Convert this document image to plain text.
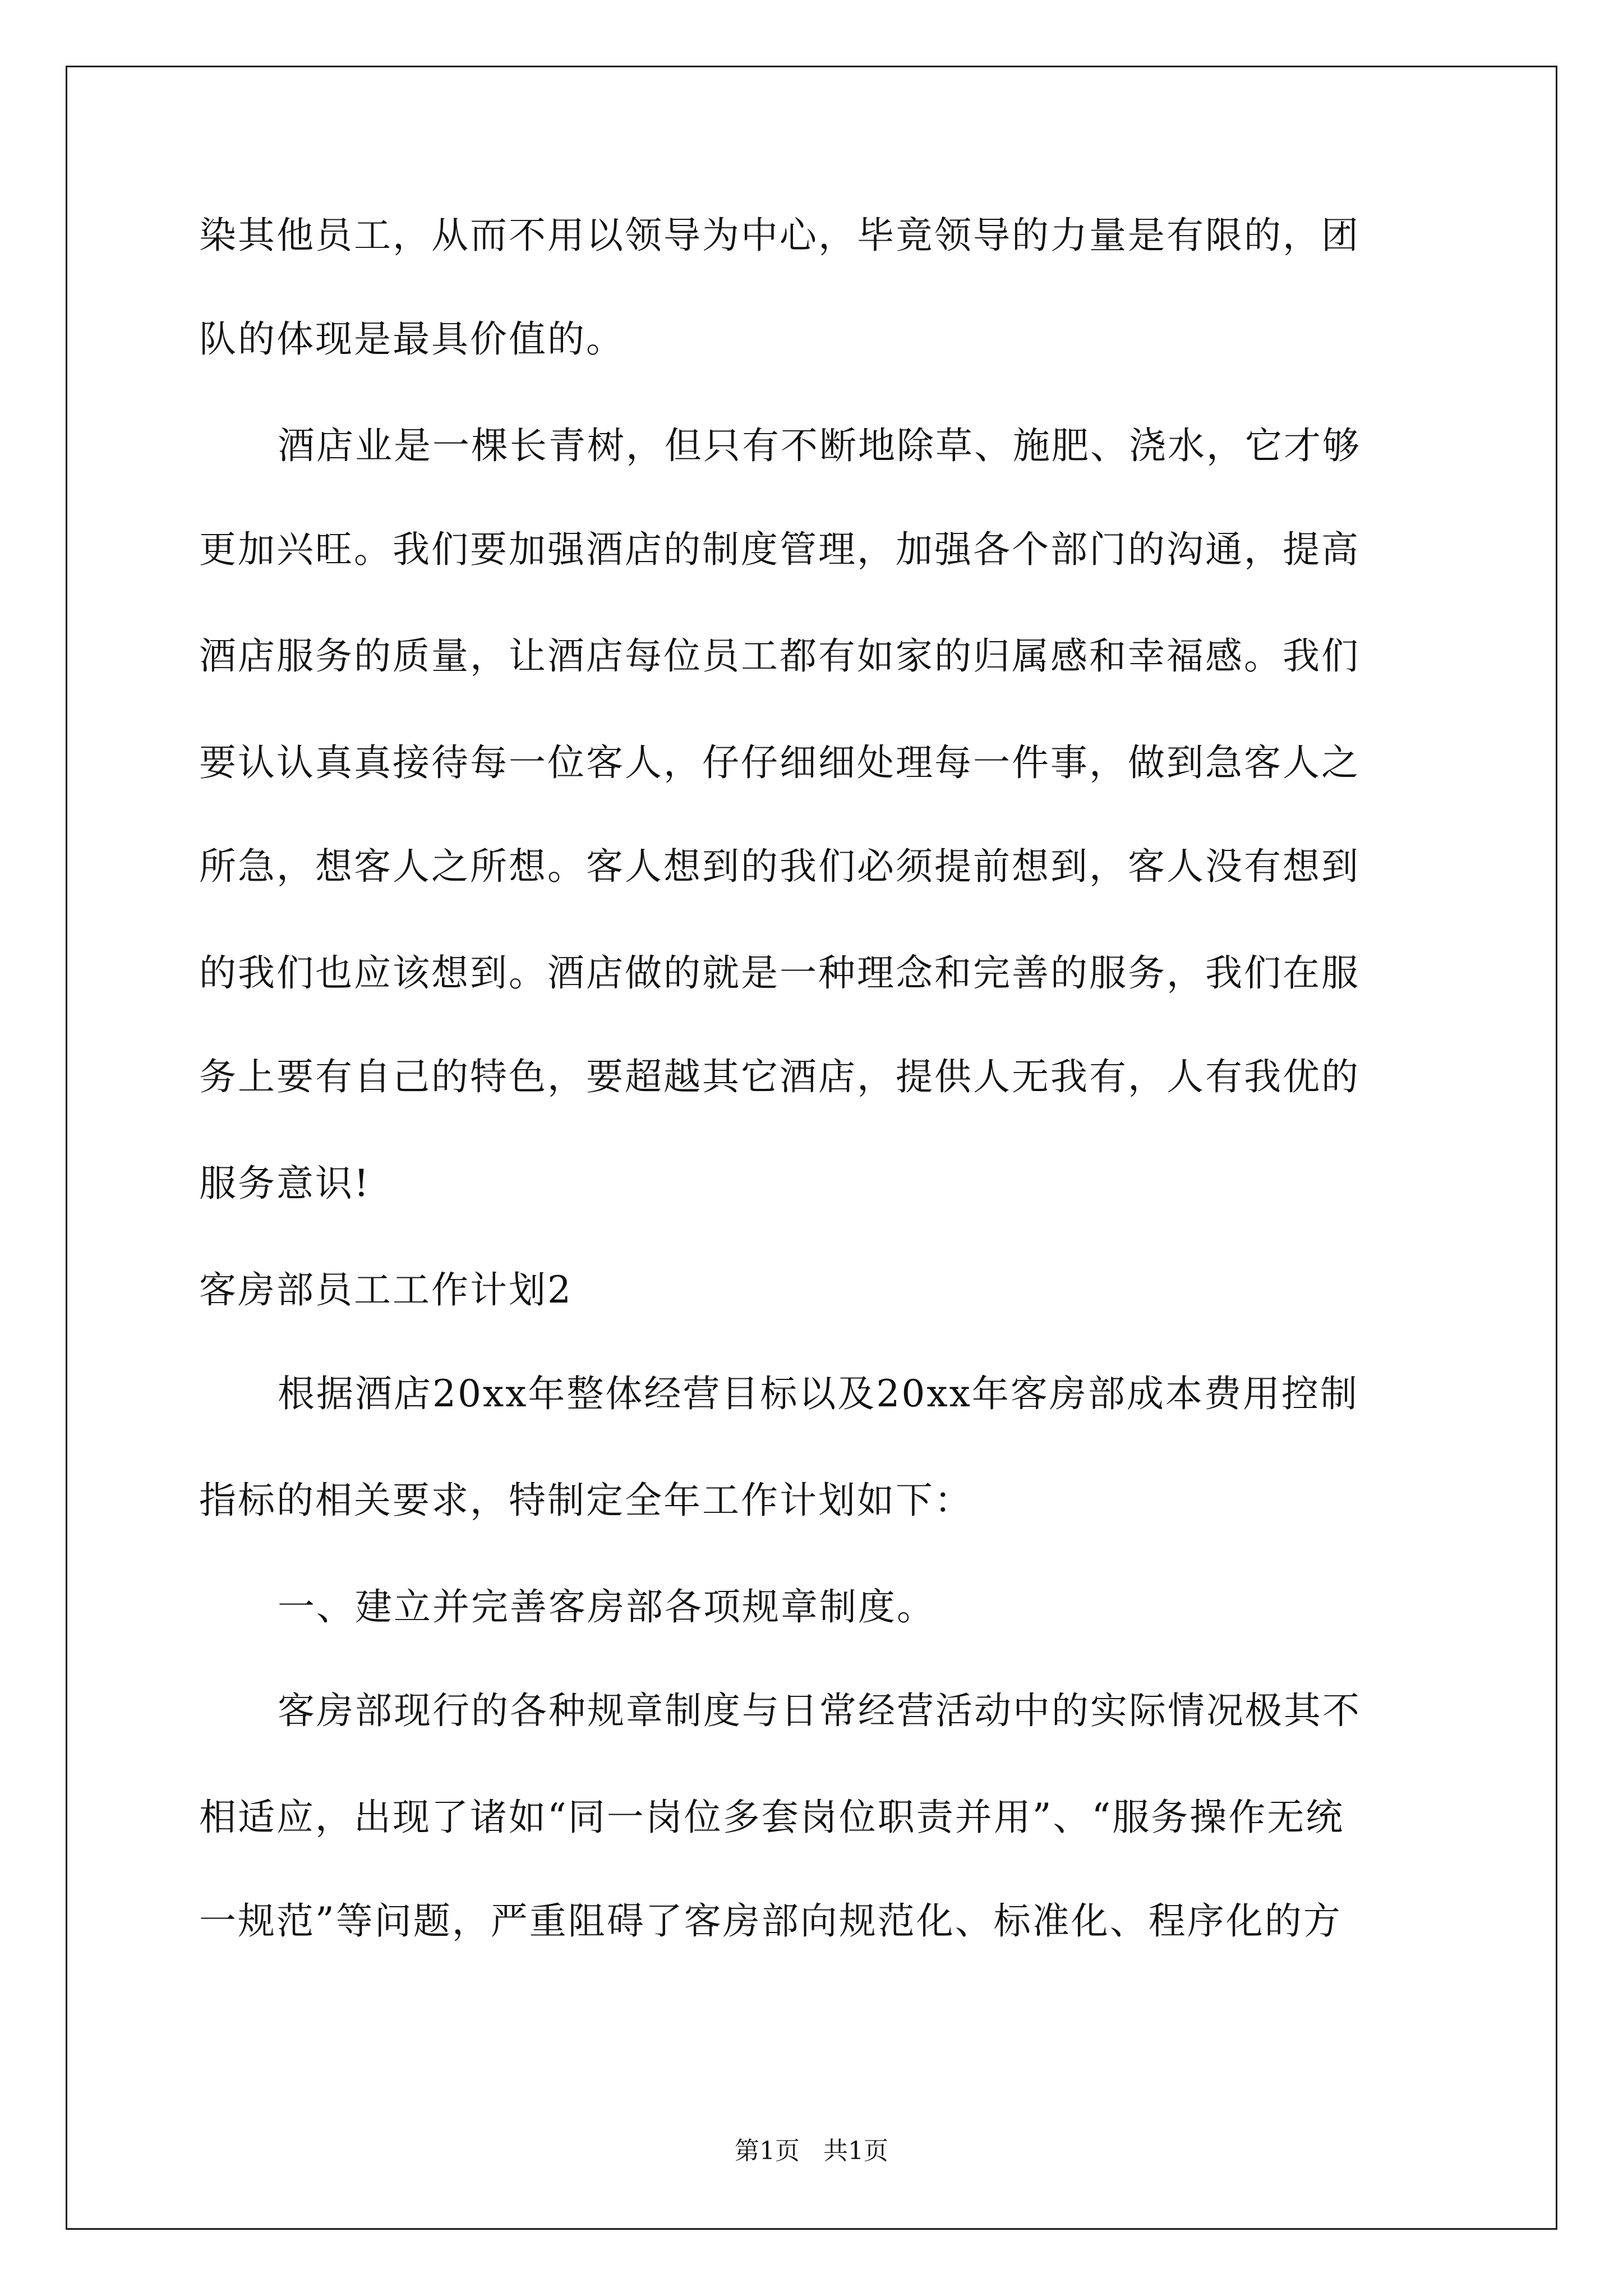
染其他员工，从而不用以领导为中心，毕竟领导的力量是有限的，团
队的体现是最具价值的。
酒店业是一棵长青树，但只有不断地除草、施肥、浇水，它才够
更加兴旺。我们要加强酒店的制度管理，加强各个部门的沟通，提高
酒店服务的质量，让酒店每位员工都有如家的归属感和幸福感。我们
要认认真真接待每一位客人，仔仔细细处理每一件事，做到急客人之
所急，想客人之所想。客人想到的我们必须提前想到，客人没有想到
的我们也应该想到。酒店做的就是一种理念和完善的服务，我们在服
务上要有自己的特色，要超越其它酒店，提供人无我有，人有我优的
服务意识!
客房部员工工作计划2
根据酒店20xx年整体经营目标以及20xx年客房部成本费用控制
指标的相关要求，特制定全年工作计划如下：
一、建立并完善客房部各项规章制度。
客房部现行的各种规章制度与日常经营活动中的实际情况极其不
相适应，出现了诸如“同一岗位多套岗位职责并用”、“服务操作无统
一规范”等问题，严重阻碍了客房部向规范化、标准化、程序化的方
第1页   共1页
